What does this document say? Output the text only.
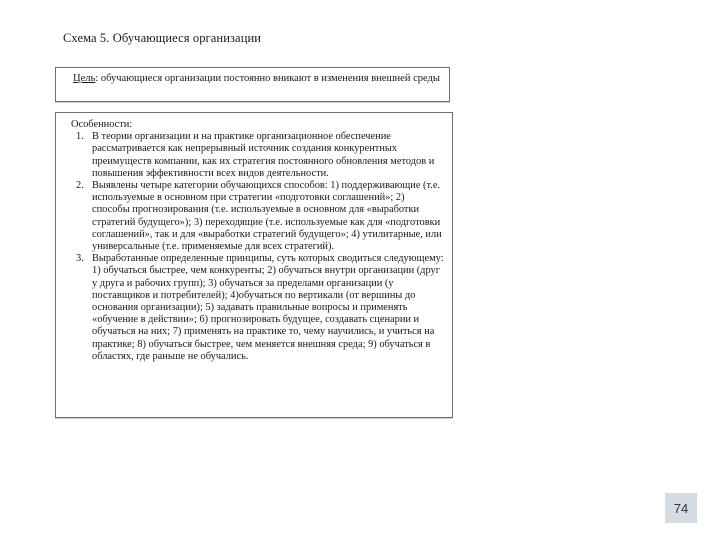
Схема 5. Обучающиеся организации
Цель: обучающиеся организации постоянно вникают в изменения внешней среды
Особенности:
1. В теории организации и на практике организационное обеспечение рассматривается как непрерывный источник создания конкурентных преимуществ компании, как их стратегия постоянного обновления методов и повышения эффективности всех видов деятельности.
2. Выявлены четыре категории обучающихся способов: 1) поддерживающие (т.е. используемые в основном при стратегии «подготовки соглашений»; 2) способы прогнозирования (т.е. используемые в основном для «выработки стратегий будущего»); 3) переходящие (т.е. используемые как для «подготовки соглашений», так и для «выработки стратегий будущего»; 4) утилитарные, или универсальные (т.е. применяемые для всех стратегий).
3. Выработанные определенные принципы, суть которых сводиться следующему: 1) обучаться быстрее, чем конкуренты; 2) обучаться внутри организации (друг у друга и рабочих групп); 3) обучаться за пределами организации (у поставщиков и потребителей); 4)обучаться по вертикали (от вершины до основания организации); 5) задавать правильные вопросы и применять «обучение в действии»; 6) прогнозировать будущее, создавать сценарии и обучаться на них; 7) применять на практике то, чему научились, и учиться на практике; 8) обучаться быстрее, чем меняется внешняя среда; 9) обучаться в областях, где раньше не обучались.
74
